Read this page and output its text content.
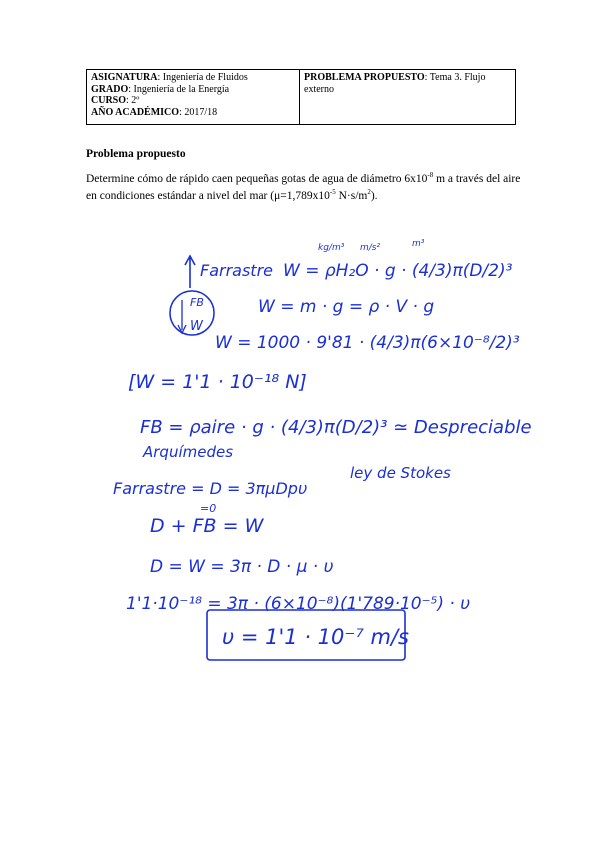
ASIGNATURA: Ingeniería de Fluidos
GRADO: Ingeniería de la Energía
CURSO: 2º
AÑO ACADÉMICO: 2017/18
PROBLEMA PROPUESTO: Tema 3. Flujo externo
Problema propuesto
Determine cómo de rápido caen pequeñas gotas de agua de diámetro $6x10^{-8}$ m a través del aire en condiciones estándar a nivel del mar ($\mu=1,789x10^{-5}$ $N\cdot s/m^2$).
kg/m³ m/s²	m³
Farrastre W = ρH₂O · g · (4/3)π(D/2)³
FB
W
W = m · g = ρ · V · g
W = 1000 · 9'81 · (4/3)π(6×10⁻⁸/2)³
[W = 1'1 · 10⁻¹⁸ N]
FB = ρaire · g · (4/3)π(D/2)³ ≃ Despreciable
Arquímedes
Farrastre = D = 3πμDpυ
ley de Stokes
=0
D + FB = W
D = W = 3π · D · μ · υ
1'1·10⁻¹⁸ = 3π · (6×10⁻⁸)(1'789·10⁻⁵) · υ
υ = 1'1 · 10⁻⁷ m/s
